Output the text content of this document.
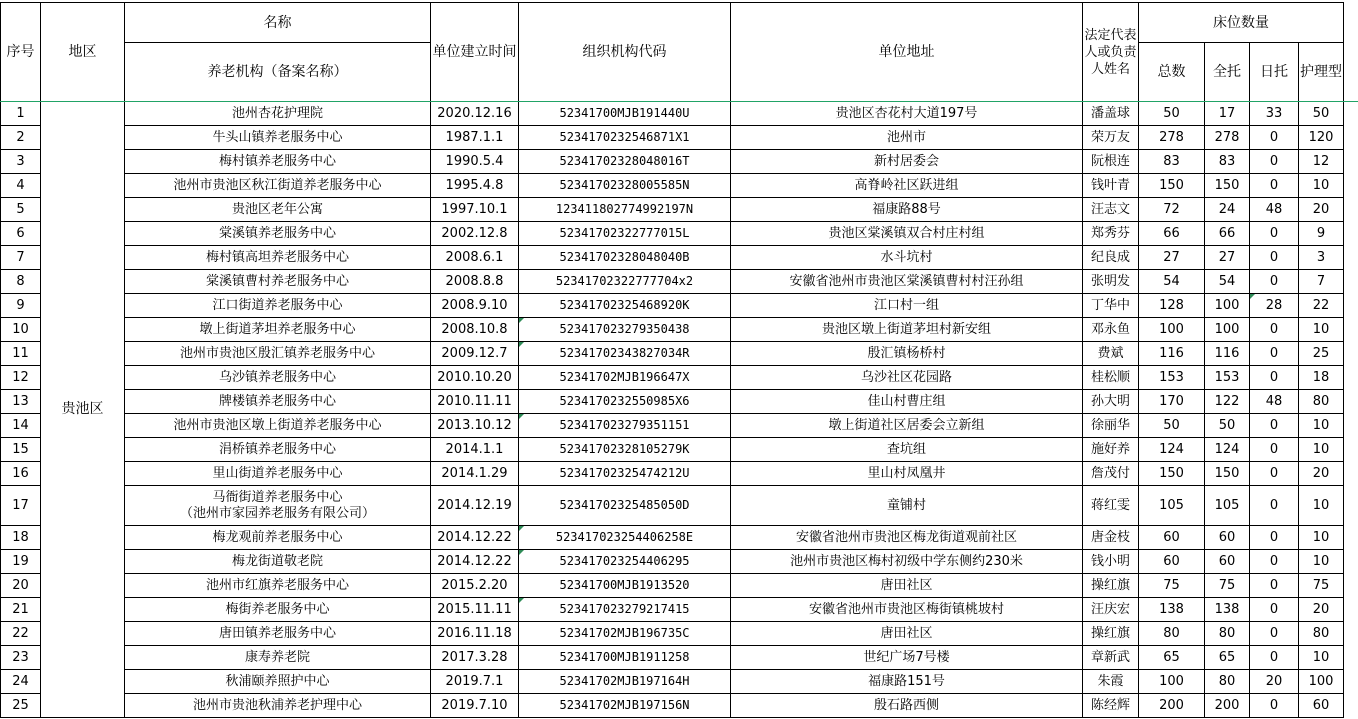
序号	地区	名称	单位建立时间	组织机构代码	单位地址	法定代表人或负责人姓名	床位数量			
		养老机构（备案名称）					总数	全托	日托	护理型
1	贵池区	池州杏花护理院	2020.12.16	52341700MJB191440U	贵池区杏花村大道197号	潘盖球	50	17	33	50
2		牛头山镇养老服务中心	1987.1.1	5234170232546871X1	池州市	荣万友	278	278	0	120
3		梅村镇养老服务中心	1990.5.4	52341702328048016T	新村居委会	阮根连	83	83	0	12
4		池州市贵池区秋江街道养老服务中心	1995.4.8	52341702328005585N	高脊岭社区跃进组	钱叶青	150	150	0	10
5		贵池区老年公寓	1997.10.1	123411802774992197N	福康路88号	汪志文	72	24	48	20
6		棠溪镇养老服务中心	2002.12.8	52341702322777015L	贵池区棠溪镇双合村庄村组	郑秀芬	66	66	0	9
7		梅村镇高坦养老服务中心	2008.6.1	52341702328048040B	水斗坑村	纪良成	27	27	0	3
8		棠溪镇曹村养老服务中心	2008.8.8	52341702322777704x2	安徽省池州市贵池区棠溪镇曹村村汪孙组	张明发	54	54	0	7
9		江口街道养老服务中心	2008.9.10	52341702325468920K	江口村一组	丁华中	128	100	28	22
10		墩上街道茅坦养老服务中心	2008.10.8	523417023279350438	贵池区墩上街道茅坦村新安组	邓永鱼	100	100	0	10
11		池州市贵池区殷汇镇养老服务中心	2009.12.7	52341702343827034R	殷汇镇杨桥村	费斌	116	116	0	25
12		乌沙镇养老服务中心	2010.10.20	52341702MJB196647X	乌沙社区花园路	桂松顺	153	153	0	18
13		牌楼镇养老服务中心	2010.11.11	5234170232550985X6	佳山村曹庄组	孙大明	170	122	48	80
14		池州市贵池区墩上街道养老服务中心	2013.10.12	523417023279351151	墩上街道社区居委会立新组	徐丽华	50	50	0	10
15		涓桥镇养老服务中心	2014.1.1	52341702328105279K	查坑组	施好养	124	124	0	10
16		里山街道养老服务中心	2014.1.29	52341702325474212U	里山村凤凰井	詹茂付	150	150	0	20
17		马衙街道养老服务中心
（池州市家园养老服务有限公司）	2014.12.19	52341702325485050D	童铺村	蒋红雯	105	105	0	10
18		梅龙观前养老服务中心	2014.12.22	523417023254406258E	安徽省池州市贵池区梅龙街道观前社区	唐金枝	60	60	0	10
19		梅龙街道敬老院	2014.12.22	523417023254406295	池州市贵池区梅村初级中学东侧约230米	钱小明	60	60	0	10
20		池州市红旗养老服务中心	2015.2.20	52341700MJB1913520	唐田社区	操红旗	75	75	0	75
21		梅街养老服务中心	2015.11.11	523417023279217415	安徽省池州市贵池区梅街镇桃坡村	汪庆宏	138	138	0	20
22		唐田镇养老服务中心	2016.11.18	52341702MJB196735C	唐田社区	操红旗	80	80	0	80
23		康寿养老院	2017.3.28	52341700MJB1911258	世纪广场7号楼	章新武	65	65	0	10
24		秋浦颐养照护中心	2019.7.1	52341702MJB197164H	福康路151号	朱霞	100	80	20	100
25		池州市贵池秋浦养老护理中心	2019.7.10	52341702MJB197156N	殷石路西侧	陈经辉	200	200	0	60
